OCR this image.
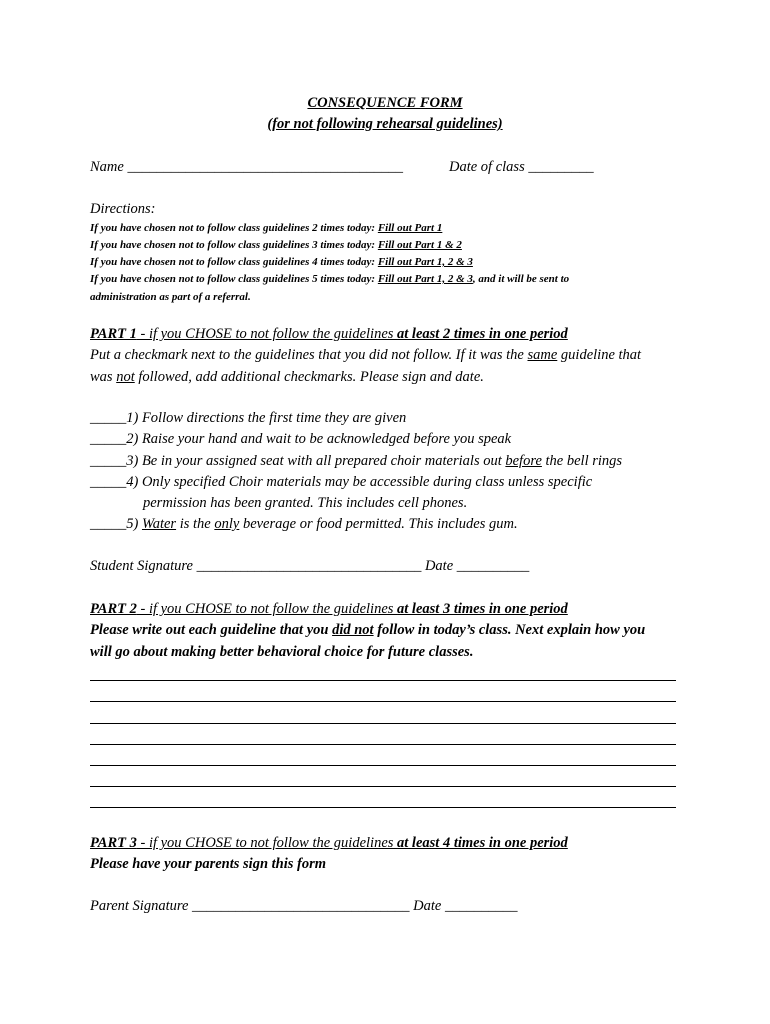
CONSEQUENCE FORM
(for not following rehearsal guidelines)
Name ______________________________________	Date of class _________
Directions:
If you have chosen not to follow class guidelines 2 times today: Fill out Part 1
If you have chosen not to follow class guidelines 3 times today: Fill out Part 1 & 2
If you have chosen not to follow class guidelines 4 times today: Fill out Part 1, 2 & 3
If you have chosen not to follow class guidelines 5 times today: Fill out Part 1, 2 & 3, and it will be sent to
administration as part of a referral.
PART 1 - if you CHOSE to not follow the guidelines at least 2 times in one period
Put a checkmark next to the guidelines that you did not follow. If it was the same guideline that
was not followed, add additional checkmarks. Please sign and date.
_____1) Follow directions the first time they are given
_____2) Raise your hand and wait to be acknowledged before you speak
_____3) Be in your assigned seat with all prepared choir materials out before the bell rings
_____4) Only specified Choir materials may be accessible during class unless specific
permission has been granted. This includes cell phones.
_____5) Water is the only beverage or food permitted. This includes gum.
Student Signature _______________________________ Date __________
PART 2 - if you CHOSE to not follow the guidelines at least 3 times in one period
Please write out each guideline that you did not follow in today’s class. Next explain how you
will go about making better behavioral choice for future classes.
PART 3 - if you CHOSE to not follow the guidelines at least 4 times in one period
Please have your parents sign this form
Parent Signature ______________________________ Date __________
